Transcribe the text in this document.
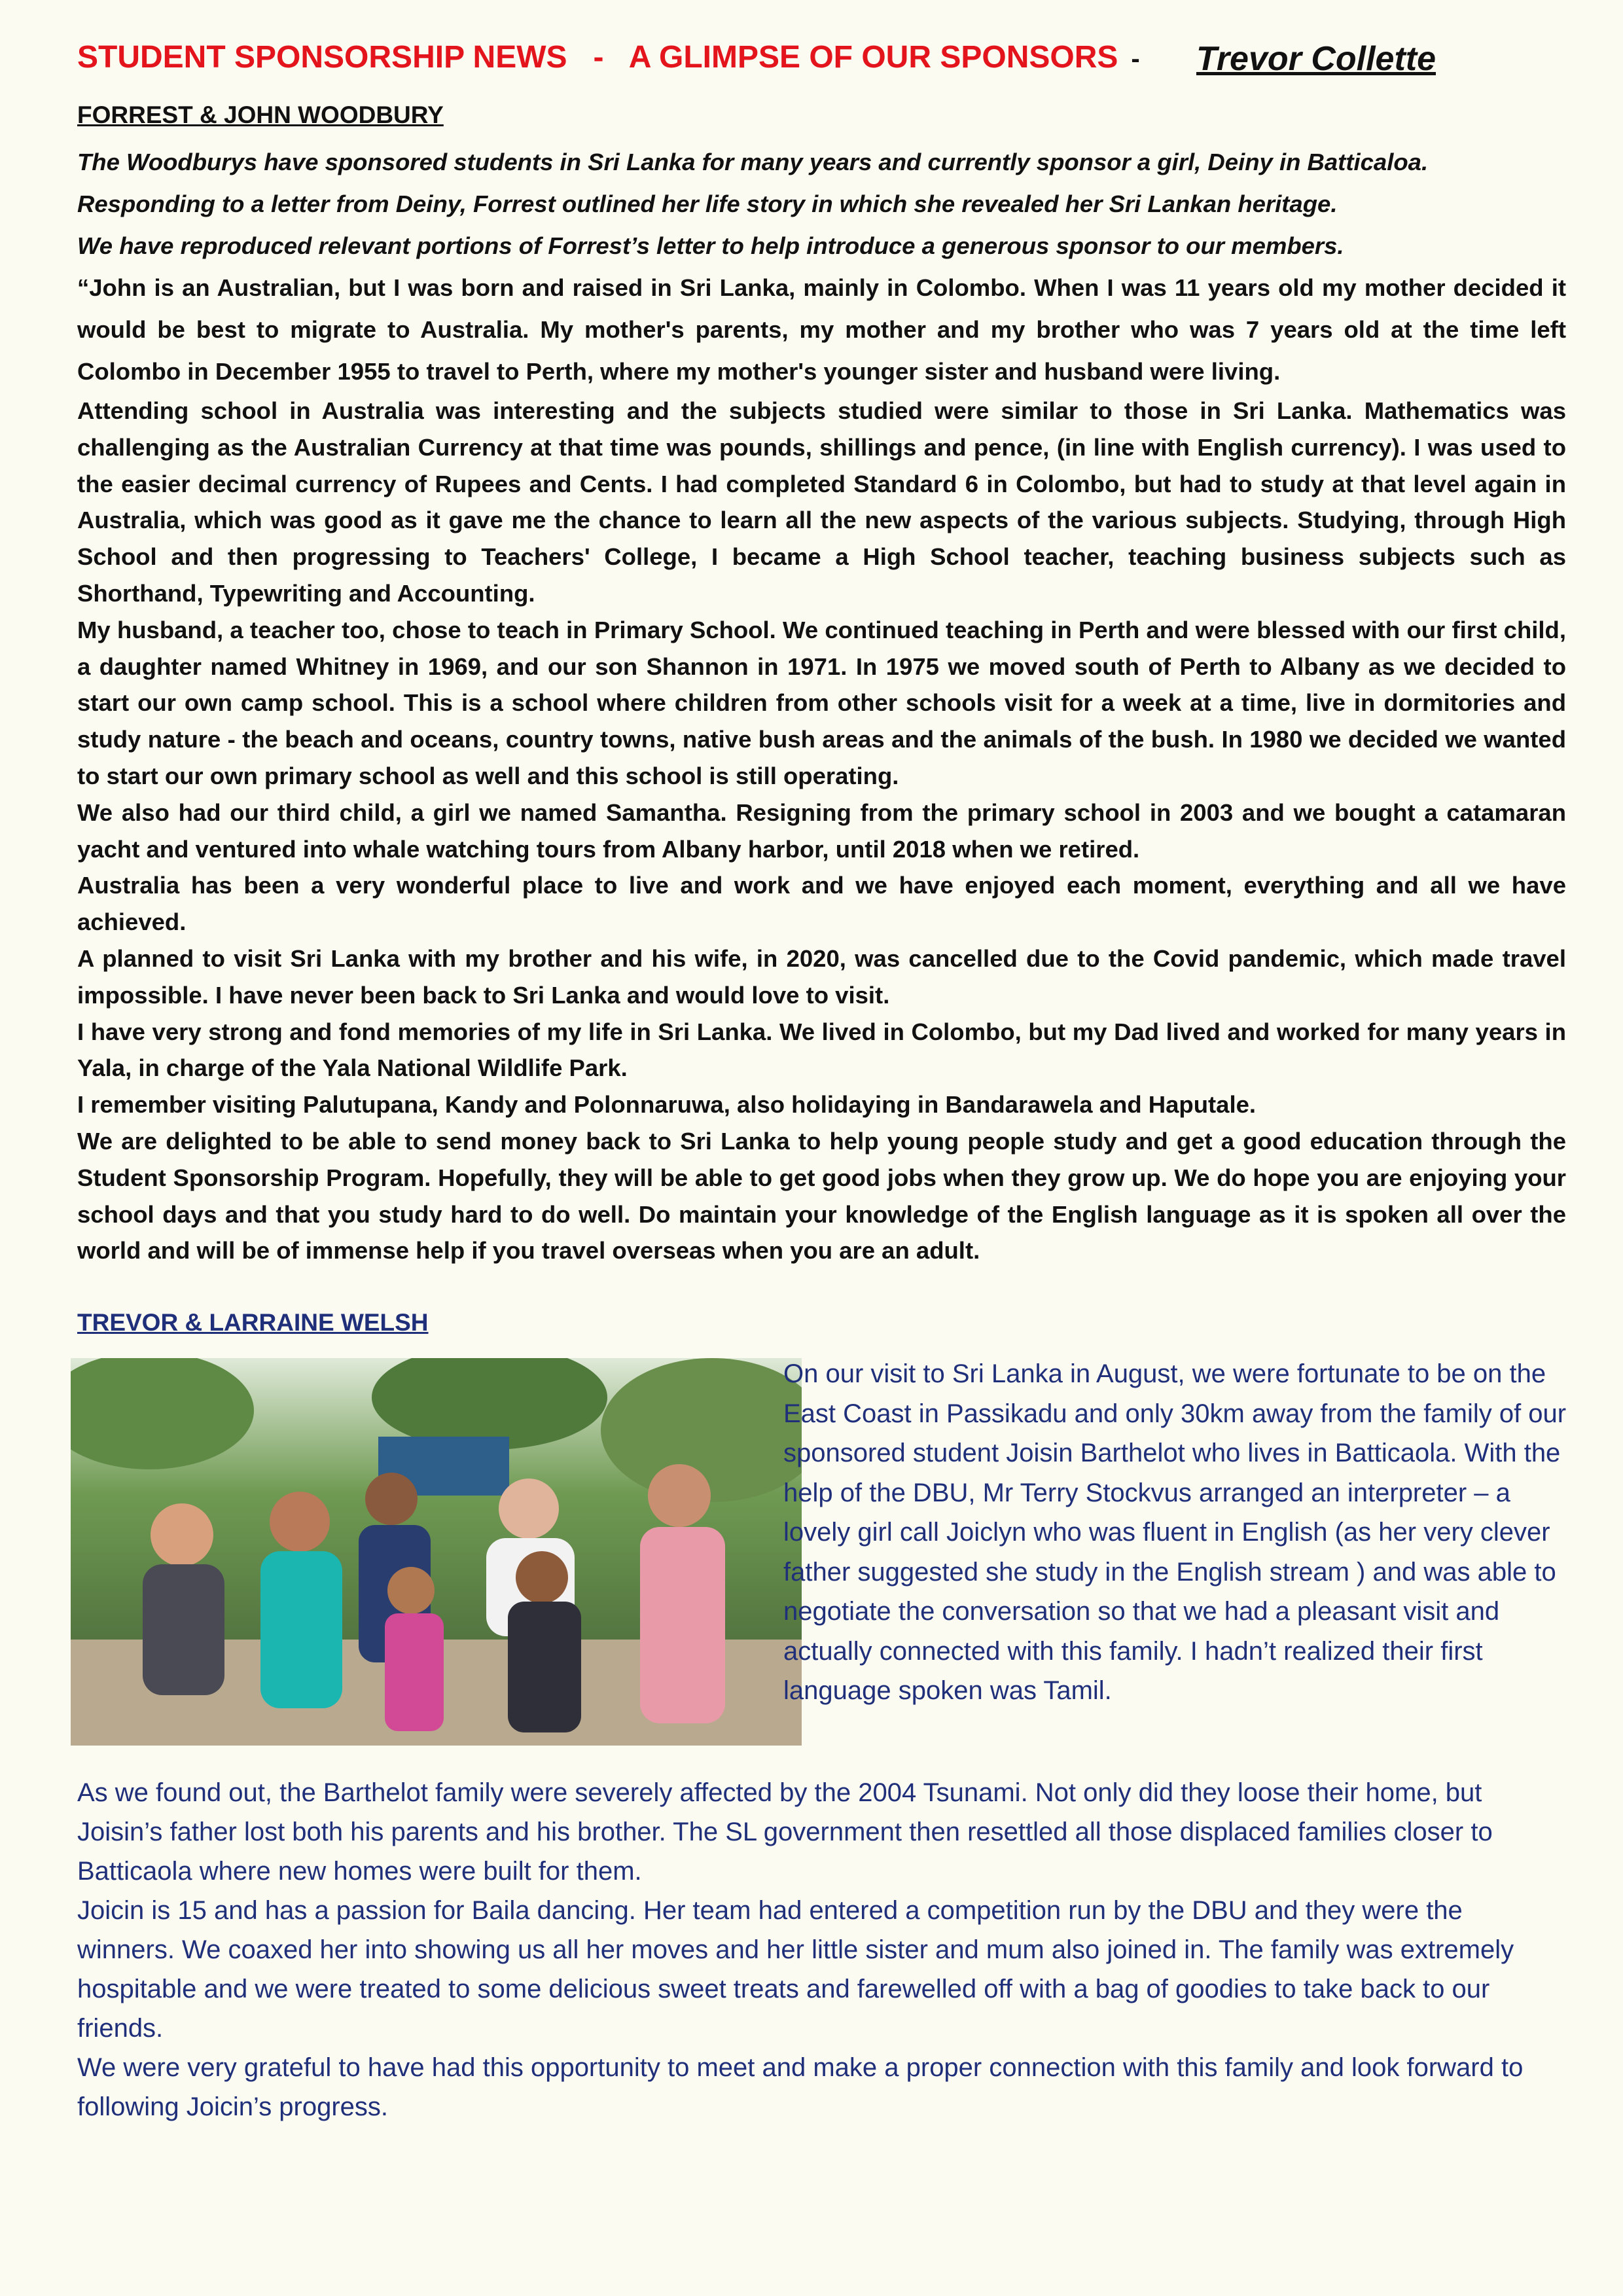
STUDENT SPONSORSHIP NEWS   -   A GLIMPSE OF OUR SPONSORS - Trevor Collette
FORREST & JOHN WOODBURY
The Woodburys have sponsored students in Sri Lanka for many years and currently sponsor a girl, Deiny in Batticaloa.
Responding to a letter from Deiny, Forrest outlined her life story in which she revealed her Sri Lankan heritage.
We have reproduced relevant portions of Forrest’s letter to help introduce a generous sponsor to our members.

“John is an Australian, but I was born and raised in Sri Lanka, mainly in Colombo. When I was 11 years old my mother decided it would be best to migrate to Australia. My mother's parents, my mother and my brother who was 7 years old at the time left Colombo in December 1955 to travel to Perth, where my mother's younger sister and husband were living.

Attending school in Australia was interesting and the subjects studied were similar to those in Sri Lanka. Mathematics was challenging as the Australian Currency at that time was pounds, shillings and pence, (in line with English currency). I was used to the easier decimal currency of Rupees and Cents. I had completed Standard 6 in Colombo, but had to study at that level again in Australia, which was good as it gave me the chance to learn all the new aspects of the various subjects. Studying, through High School and then progressing to Teachers' College, I became a High School teacher, teaching business subjects such as Shorthand, Typewriting and Accounting.

My husband, a teacher too, chose to teach in Primary School. We continued teaching in Perth and were blessed with our first child, a daughter named Whitney in 1969, and our son Shannon in 1971. In 1975 we moved south of Perth to Albany as we decided to start our own camp school. This is a school where children from other schools visit for a week at a time, live in dormitories and study nature - the beach and oceans, country towns, native bush areas and the animals of the bush. In 1980 we decided we wanted to start our own primary school as well and this school is still operating.

We also had our third child, a girl we named Samantha. Resigning from the primary school in 2003 and we bought a catamaran yacht and ventured into whale watching tours from Albany harbor, until 2018 when we retired.

Australia has been a very wonderful place to live and work and we have enjoyed each moment, everything and all we have achieved.

A planned to visit Sri Lanka with my brother and his wife, in 2020, was cancelled due to the Covid pandemic, which made travel impossible. I have never been back to Sri Lanka and would love to visit.

I have very strong and fond memories of my life in Sri Lanka. We lived in Colombo, but my Dad lived and worked for many years in Yala, in charge of the Yala National Wildlife Park.

I remember visiting Palutupana, Kandy and Polonnaruwa, also holidaying in Bandarawela and Haputale.

We are delighted to be able to send money back to Sri Lanka to help young people study and get a good education through the Student Sponsorship Program. Hopefully, they will be able to get good jobs when they grow up. We do hope you are enjoying your school days and that you study hard to do well. Do maintain your knowledge of the English language as it is spoken all over the world and will be of immense help if you travel overseas when you are an adult.

TREVOR & LARRAINE WELSH

On our visit to Sri Lanka in August, we were fortunate to be on the East Coast in Passikadu and only 30km away from the family of our sponsored student Joisin Barthelot who lives in Batticaola. With the help of the DBU, Mr Terry Stockvus arranged an interpreter – a lovely girl call Joiclyn who was fluent in English (as her very clever father suggested she study in the English stream ) and was able to negotiate the conversation so that we had a pleasant visit and actually connected with this family. I hadn’t realized their first language spoken was Tamil.

As we found out, the Barthelot family were severely affected by the 2004 Tsunami. Not only did they loose their home, but Joisin’s father lost both his parents and his brother. The SL government then resettled all those displaced families closer to Batticaola where new homes were built for them.

Joicin is 15 and has a passion for Baila dancing. Her team had entered a competition run by the DBU and they were the winners. We coaxed her into showing us all her moves and her little sister and mum also joined in. The family was extremely hospitable and we were treated to some delicious sweet treats and farewelled off with a bag of goodies to take back to our friends.

We were very grateful to have had this opportunity to meet and make a proper connection with this family and look forward to following Joicin’s progress.
